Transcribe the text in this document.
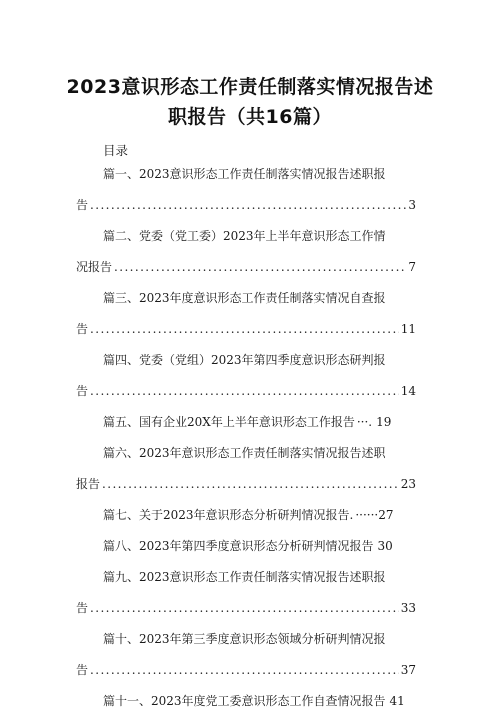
2023意识形态工作责任制落实情况报告述
职报告（共16篇）
目录
篇一、2023意识形态工作责任制落实情况报告述职报
告 .....	3
篇二、党委（党工委）2023年上半年意识形态工作情
况报告 .....	7
篇三、2023年度意识形态工作责任制落实情况自查报
告 .....	11
篇四、党委（党组）2023年第四季度意识形态研判报
告 .....	14
篇五、国有企业20X年上半年意识形态工作报告 ···. 19
篇六、2023年意识形态工作责任制落实情况报告述职
报告 .....	23
篇七、关于2023年意识形态分析研判情况报告. ······ 27
篇八、2023年第四季度意识形态分析研判情况报告 30
篇九、2023意识形态工作责任制落实情况报告述职报
告 .....	33
篇十、2023年第三季度意识形态领域分析研判情况报
告 .....	37
篇十一、2023年度党工委意识形态工作自查情况报告 41
